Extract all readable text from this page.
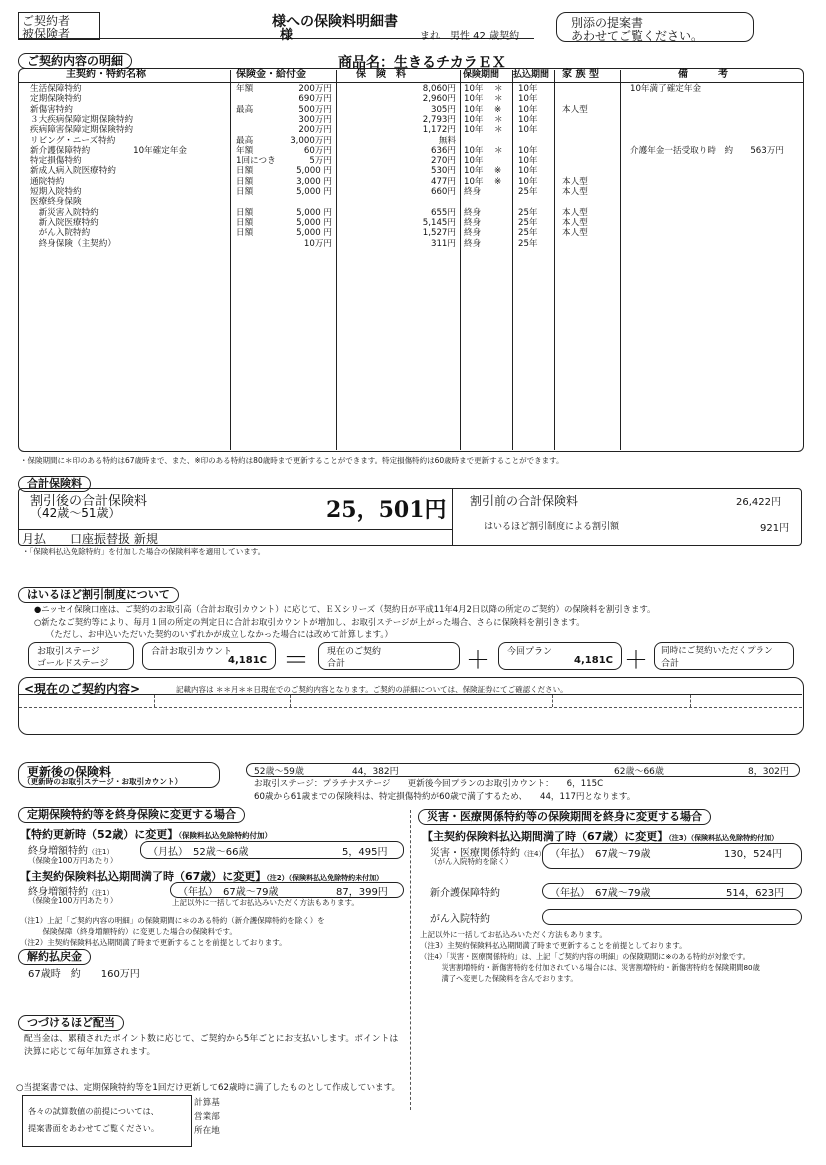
ご契約者
被保険者
様への保険料明細書
様	まれ　男性 42 歳契約
別添の提案書
あわせてご覧ください。
ご契約内容の明細	商品名：生きるチカラＥＸ
主契約・特約名称	保険金・給付金	保　険　料	保険期間 払込期間 家 族 型	備　　　考
生活保障特約	年額	200万円	8,060円 10年	＊	10年	10年満了確定年金
定期保険特約	690万円	2,960円 10年	＊	10年
新傷害特約	最高	500万円	305円 10年	※	10年	本人型
３大疾病保障定期保険特約	300万円	2,793円 10年	＊	10年
疾病障害保障定期保険特約	200万円	1,172円 10年	＊	10年
リビング・ニーズ特約	最高	3,000万円	無料
新介護保障特約　　　　　10年確定年金	年額	60万円	636円 10年	＊	10年	介護年金一括受取り時　約　　563万円
特定損傷特約	1回につき	5万円	270円 10年	10年
新成人病入院医療特約	日額	5,000 円	530円 10年	※	10年
通院特約	日額	3,000 円	477円 10年	※	10年	本人型
短期入院特約	日額	5,000 円	660円 終身	25年	本人型
医療終身保険
　新災害入院特約	日額	5,000 円	655円 終身	25年	本人型
　新入院医療特約	日額	5,000 円	5,145円 終身	25年	本人型
　がん入院特約	日額	5,000 円	1,527円 終身	25年	本人型
　終身保険（主契約）	10万円	311円 終身	25年
・保険期間に＊印のある特約は67歳時まで、また、※印のある特約は80歳時まで更新することができます。特定損傷特約は60歳時まで更新することができます。
合計保険料
割引後の合計保険料
（42歳～51歳）	25，501円 割引前の合計保険料	26,422円
はいるほど割引制度による割引額	921円
月払　　口座振替扱 新規
・「保険料払込免除特約」を付加した場合の保険料率を適用しています。
はいるほど割引制度について
●ニッセイ保険口座は、ご契約のお取引高（合計お取引カウント）に応じて、ＥＸシリーズ（契約日が平成11年4月2日以降の所定のご契約）の保険料を割引きます。
○新たなご契約等により、毎月１回の所定の判定日に合計お取引カウントが増加し、お取引ステージが上がった場合、さらに保険料を割引きます。
（ただし、お申込いただいた契約のいずれかが成立しなかった場合には改めて計算します。）
お取引ステージ
ゴールドステージ
合計お取引カウント
4,181C ＝ 現在のご契約
合計	＋ 今回プラン
4,181C ＋ 同時にご契約いただくプラン
合計
<現在のご契約内容>	記載内容は ＊＊月＊＊日現在でのご契約内容となります。ご契約の詳細については、保険証券にてご確認ください。
更新後の保険料
（更新時のお取引ステージ・お取引カウント）
52歳～59歳	44，382円	62歳～66歳	8，302円
お取引ステージ：プラチナステージ　　更新後今回プランのお取引カウント：　　6，115C
60歳から61歳までの保険料は、特定損傷特約が60歳で満了するため、　　44，117円となります。
定期保険特約等を終身保険に変更する場合
【特約更新時（52歳）に変更】（保険料払込免除特約付加）
終身増額特約（注1）
（保険金100万円あたり）
（月払）　52歳～66歳	5，495円
【主契約保険料払込期間満了時（67歳）に変更】（注2）（保険料払込免除特約未付加）
終身増額特約（注1）
（保険金100万円あたり）
（年払）　67歳～79歳	87，399円
上記以外に一括してお払込みいただく方法もあります。
（注1）上記「ご契約内容の明細」の保険期間に＊のある特約（新介護保障特約を除く）を
　　　保険保障（終身増額特約）に変更した場合の保険料です。
（注2）主契約保険料払込期間満了時まで更新することを前提としております。
解約払戻金
67歳時　約　　160万円
災害・医療関係特約等の保険期間を終身に変更する場合
【主契約保険料払込期間満了時（67歳）に変更】（注3）（保険料払込免除特約付加）
災害・医療関係特約（注4）
（がん入院特約を除く）
（年払）　67歳～79歳	130，524円
新介護保障特約	（年払）　67歳～79歳	514，623円
がん入院特約
上記以外に一括してお払込みいただく方法もあります。
（注3）主契約保険料払込期間満了時まで更新することを前提としております。
（注4）「災害・医療関係特約」は、上記「ご契約内容の明細」の保険期間に※のある特約が対象です。
　　　災害割増特約・新傷害特約を付加されている場合には、災害割増特約・新傷害特約を保険期間80歳
　　　満了へ変更した保険料を含んでおります。
つづけるほど配当
配当金は、累積されたポイント数に応じて、ご契約から5年ごとにお支払いします。ポイントは
決算に応じて毎年加算されます。
○当提案書では、定期保険特約等を1回だけ更新して62歳時に満了したものとして作成しています。
各々の試算数値の前提については、
提案書面をあわせてご覧ください。
計算基
営業部
所在地
